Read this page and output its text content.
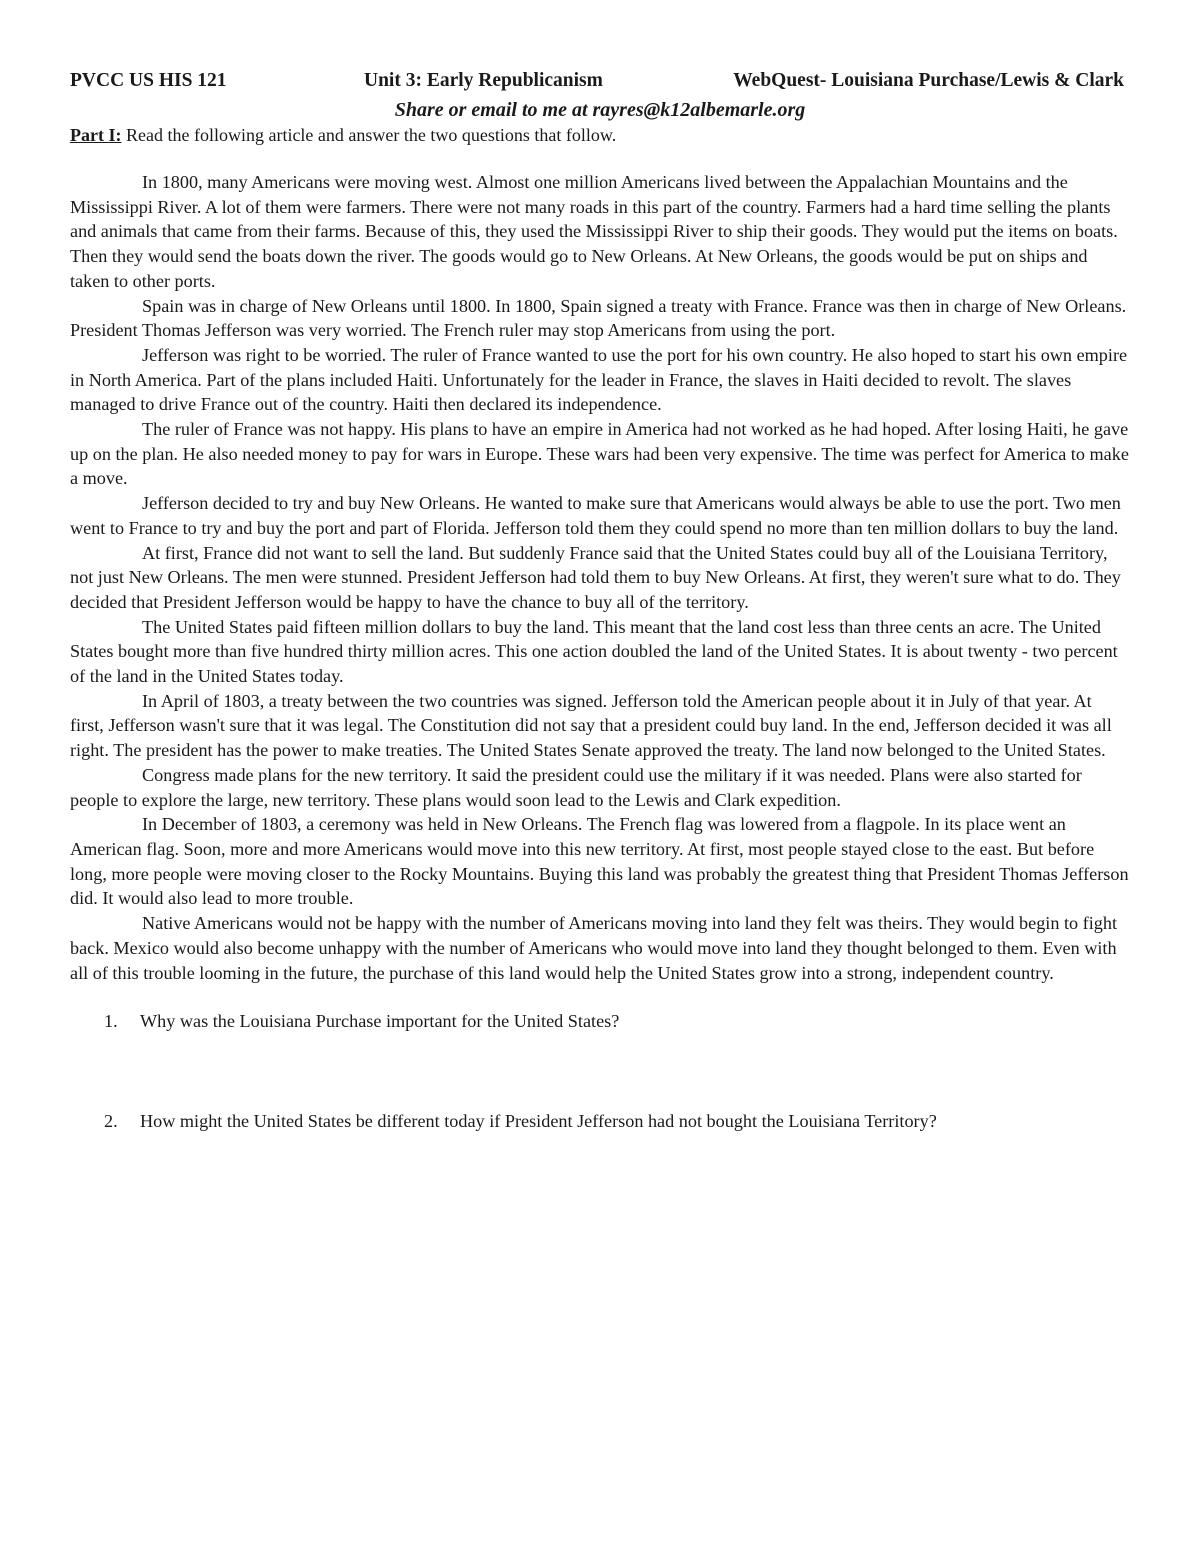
PVCC US HIS 121	Unit 3: Early Republicanism	WebQuest- Louisiana Purchase/Lewis & Clark
Share or email to me at rayres@k12albemarle.org
Part I: Read the following article and answer the two questions that follow.

In 1800, many Americans were moving west. Almost one million Americans lived between the Appalachian Mountains and the Mississippi River. A lot of them were farmers. There were not many roads in this part of the country. Farmers had a hard time selling the plants and animals that came from their farms. Because of this, they used the Mississippi River to ship their goods. They would put the items on boats. Then they would send the boats down the river. The goods would go to New Orleans. At New Orleans, the goods would be put on ships and taken to other ports.

Spain was in charge of New Orleans until 1800. In 1800, Spain signed a treaty with France. France was then in charge of New Orleans. President Thomas Jefferson was very worried. The French ruler may stop Americans from using the port.

Jefferson was right to be worried. The ruler of France wanted to use the port for his own country. He also hoped to start his own empire in North America. Part of the plans included Haiti. Unfortunately for the leader in France, the slaves in Haiti decided to revolt. The slaves managed to drive France out of the country. Haiti then declared its independence.

The ruler of France was not happy. His plans to have an empire in America had not worked as he had hoped. After losing Haiti, he gave up on the plan. He also needed money to pay for wars in Europe. These wars had been very expensive. The time was perfect for America to make a move.

Jefferson decided to try and buy New Orleans. He wanted to make sure that Americans would always be able to use the port. Two men went to France to try and buy the port and part of Florida. Jefferson told them they could spend no more than ten million dollars to buy the land.

At first, France did not want to sell the land. But suddenly France said that the United States could buy all of the Louisiana Territory, not just New Orleans. The men were stunned. President Jefferson had told them to buy New Orleans. At first, they weren't sure what to do. They decided that President Jefferson would be happy to have the chance to buy all of the territory.

The United States paid fifteen million dollars to buy the land. This meant that the land cost less than three cents an acre. The United States bought more than five hundred thirty million acres. This one action doubled the land of the United States. It is about twenty - two percent of the land in the United States today.

In April of 1803, a treaty between the two countries was signed. Jefferson told the American people about it in July of that year. At first, Jefferson wasn't sure that it was legal. The Constitution did not say that a president could buy land. In the end, Jefferson decided it was all right. The president has the power to make treaties. The United States Senate approved the treaty. The land now belonged to the United States.

Congress made plans for the new territory. It said the president could use the military if it was needed. Plans were also started for people to explore the large, new territory. These plans would soon lead to the Lewis and Clark expedition.

In December of 1803, a ceremony was held in New Orleans. The French flag was lowered from a flagpole. In its place went an American flag. Soon, more and more Americans would move into this new territory. At first, most people stayed close to the east. But before long, more people were moving closer to the Rocky Mountains. Buying this land was probably the greatest thing that President Thomas Jefferson did. It would also lead to more trouble.

Native Americans would not be happy with the number of Americans moving into land they felt was theirs. They would begin to fight back. Mexico would also become unhappy with the number of Americans who would move into land they thought belonged to them. Even with all of this trouble looming in the future, the purchase of this land would help the United States grow into a strong, independent country.

1. Why was the Louisiana Purchase important for the United States?
2. How might the United States be different today if President Jefferson had not bought the Louisiana Territory?
